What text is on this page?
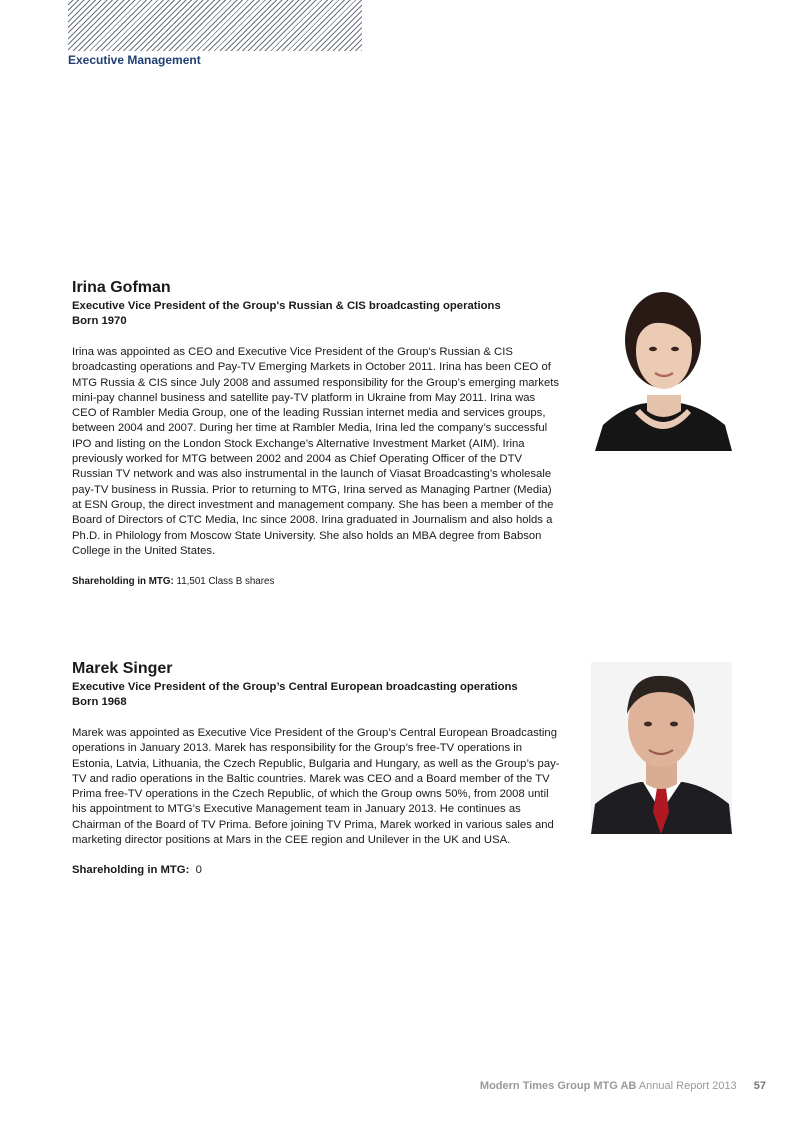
Executive Management

Irina Gofman

Executive Vice President of the Group's Russian & CIS broadcasting operations

Born 1970

Irina was appointed as CEO and Executive Vice President of the Group's Russian & CIS broadcasting operations and Pay-TV Emerging Markets in October 2011. Irina has been CEO of MTG Russia & CIS since July 2008 and assumed responsibility for the Group’s emerging markets mini-pay channel business and satellite pay-TV platform in Ukraine from May 2011. Irina was CEO of Rambler Media Group, one of the leading Russian internet media and services groups, between 2004 and 2007. During her time at Rambler Media, Irina led the company’s successful IPO and listing on the London Stock Exchange’s Alternative Investment Market (AIM). Irina previously worked for MTG between 2002 and 2004 as Chief Operating Officer of the DTV Russian TV network and was also instrumental in the launch of Viasat Broadcasting’s wholesale pay-TV business in Russia. Prior to returning to MTG, Irina served as Managing Partner (Media) at ESN Group, the direct investment and management company. She has been a member of the Board of Directors of CTC Media, Inc since 2008. Irina graduated in Journalism and also holds a Ph.D. in Philology from Moscow State University. She also holds an MBA degree from Babson College in the United States.

Shareholding in MTG: 11,501 Class B shares

Marek Singer

Executive Vice President of the Group’s Central European broadcasting operations

Born 1968

Marek was appointed as Executive Vice President of the Group’s Central European Broadcasting operations in January 2013. Marek has responsibility for the Group’s free-TV operations in Estonia, Latvia, Lithuania, the Czech Republic, Bulgaria and Hungary, as well as the Group’s pay-TV and radio operations in the Baltic countries. Marek was CEO and a Board member of the TV Prima free-TV operations in the Czech Republic, of which the Group owns 50%, from 2008 until his appointment to MTG’s Executive Management team in January 2013. He continues as Chairman of the Board of TV Prima. Before joining TV Prima, Marek worked in various sales and marketing director positions at Mars in the CEE region and Unilever in the UK and USA.

Shareholding in MTG: 0

Modern Times Group MTG AB Annual Report 2013 57
